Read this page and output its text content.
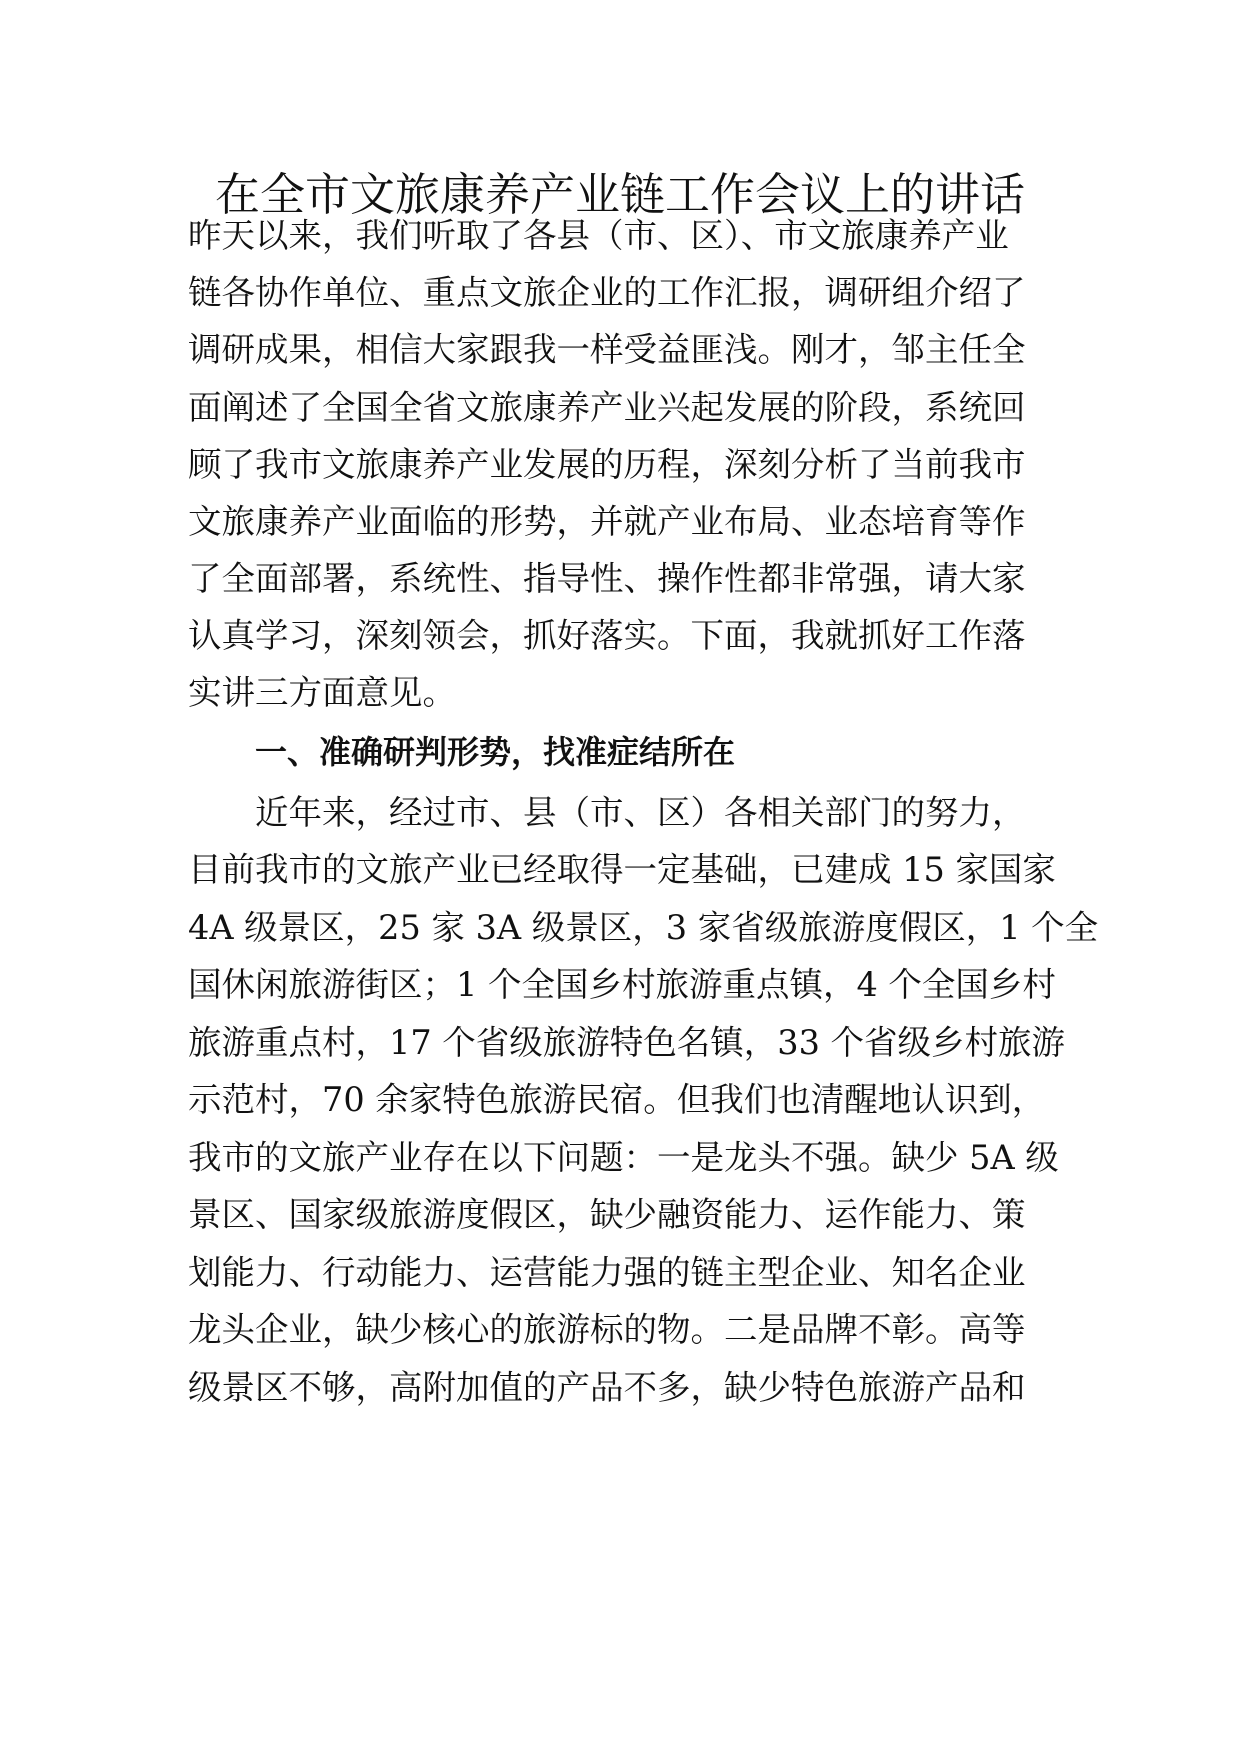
在全市文旅康养产业链工作会议上的讲话
昨天以来，我们听取了各县（市、区）、市文旅康养产业
链各协作单位、重点文旅企业的工作汇报，调研组介绍了
调研成果，相信大家跟我一样受益匪浅。刚才，邹主任全
面阐述了全国全省文旅康养产业兴起发展的阶段，系统回
顾了我市文旅康养产业发展的历程，深刻分析了当前我市
文旅康养产业面临的形势，并就产业布局、业态培育等作
了全面部署，系统性、指导性、操作性都非常强，请大家
认真学习，深刻领会，抓好落实。下面，我就抓好工作落
实讲三方面意见。
一、准确研判形势，找准症结所在
近年来，经过市、县（市、区）各相关部门的努力，
目前我市的文旅产业已经取得一定基础，已建成 15 家国家
4A 级景区，25 家 3A 级景区，3 家省级旅游度假区，1 个全
国休闲旅游街区；1 个全国乡村旅游重点镇，4 个全国乡村
旅游重点村，17 个省级旅游特色名镇，33 个省级乡村旅游
示范村，70 余家特色旅游民宿。但我们也清醒地认识到，
我市的文旅产业存在以下问题：一是龙头不强。缺少 5A 级
景区、国家级旅游度假区，缺少融资能力、运作能力、策
划能力、行动能力、运营能力强的链主型企业、知名企业
龙头企业，缺少核心的旅游标的物。二是品牌不彰。高等
级景区不够，高附加值的产品不多，缺少特色旅游产品和
